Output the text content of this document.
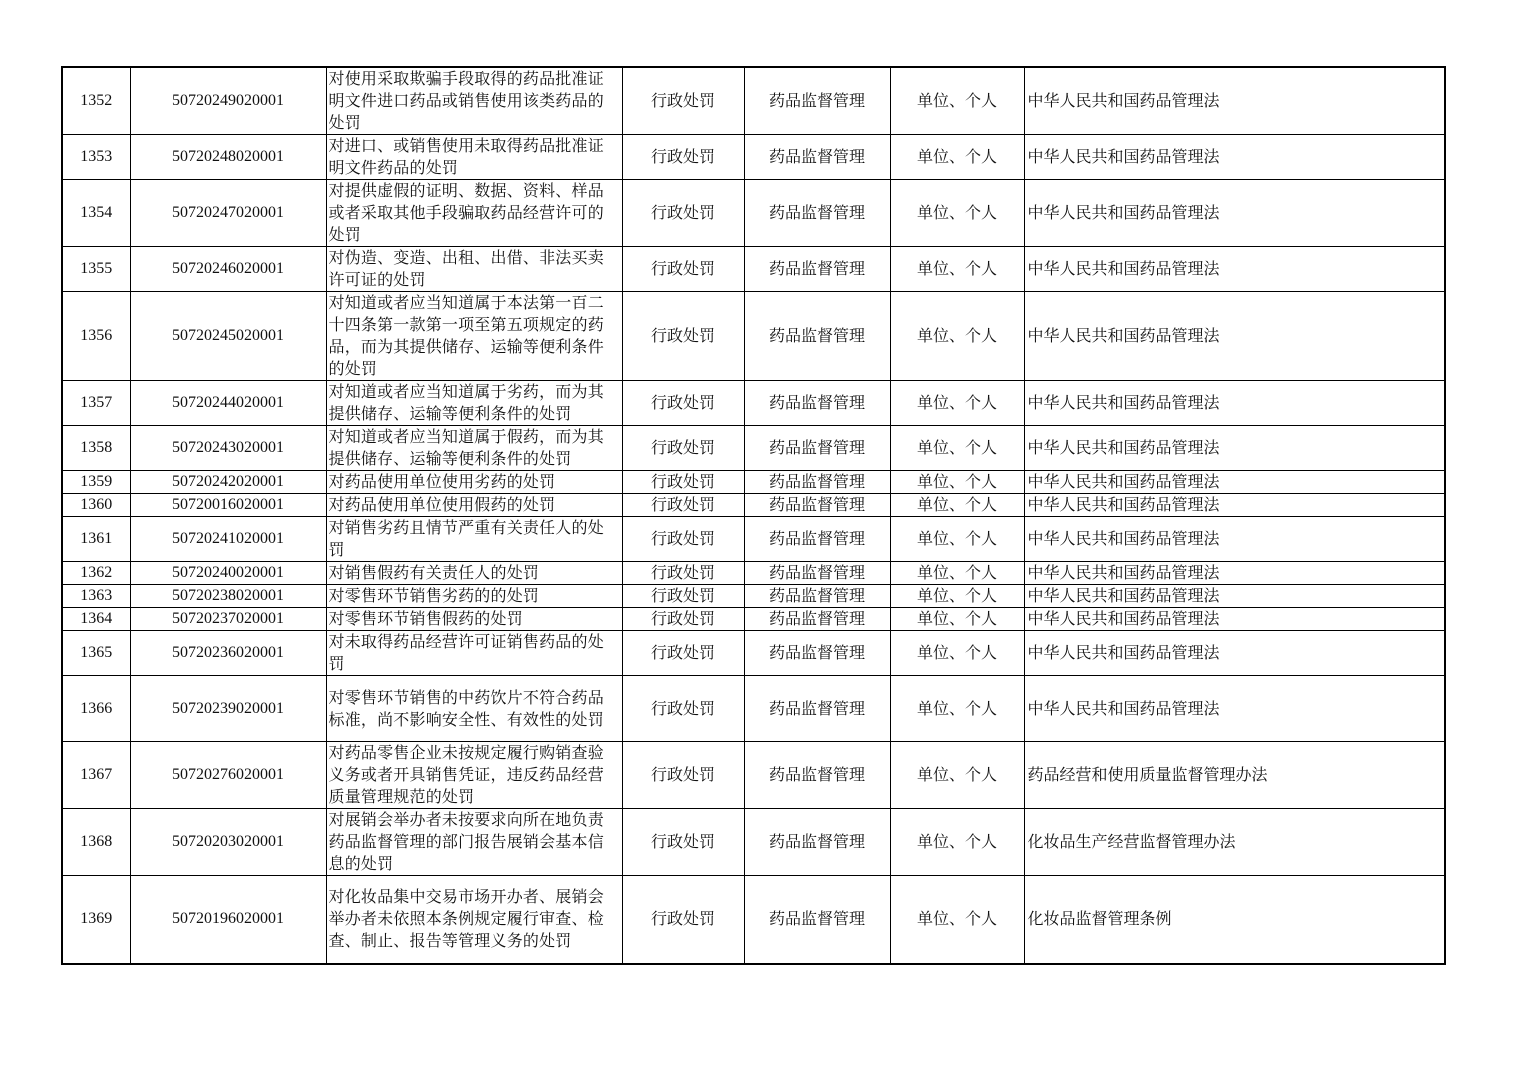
1352	50720249020001	对使用采取欺骗手段取得的药品批准证明文件进口药品或销售使用该类药品的处罚	行政处罚	药品监督管理	单位、个人	中华人民共和国药品管理法
1353	50720248020001	对进口、或销售使用未取得药品批准证明文件药品的处罚	行政处罚	药品监督管理	单位、个人	中华人民共和国药品管理法
1354	50720247020001	对提供虚假的证明、数据、资料、样品或者采取其他手段骗取药品经营许可的处罚	行政处罚	药品监督管理	单位、个人	中华人民共和国药品管理法
1355	50720246020001	对伪造、变造、出租、出借、非法买卖许可证的处罚	行政处罚	药品监督管理	单位、个人	中华人民共和国药品管理法
1356	50720245020001	对知道或者应当知道属于本法第一百二十四条第一款第一项至第五项规定的药品，而为其提供储存、运输等便利条件的处罚	行政处罚	药品监督管理	单位、个人	中华人民共和国药品管理法
1357	50720244020001	对知道或者应当知道属于劣药，而为其提供储存、运输等便利条件的处罚	行政处罚	药品监督管理	单位、个人	中华人民共和国药品管理法
1358	50720243020001	对知道或者应当知道属于假药，而为其提供储存、运输等便利条件的处罚	行政处罚	药品监督管理	单位、个人	中华人民共和国药品管理法
1359	50720242020001	对药品使用单位使用劣药的处罚	行政处罚	药品监督管理	单位、个人	中华人民共和国药品管理法
1360	50720016020001	对药品使用单位使用假药的处罚	行政处罚	药品监督管理	单位、个人	中华人民共和国药品管理法
1361	50720241020001	对销售劣药且情节严重有关责任人的处罚	行政处罚	药品监督管理	单位、个人	中华人民共和国药品管理法
1362	50720240020001	对销售假药有关责任人的处罚	行政处罚	药品监督管理	单位、个人	中华人民共和国药品管理法
1363	50720238020001	对零售环节销售劣药的的处罚	行政处罚	药品监督管理	单位、个人	中华人民共和国药品管理法
1364	50720237020001	对零售环节销售假药的处罚	行政处罚	药品监督管理	单位、个人	中华人民共和国药品管理法
1365	50720236020001	对未取得药品经营许可证销售药品的处罚	行政处罚	药品监督管理	单位、个人	中华人民共和国药品管理法
1366	50720239020001	对零售环节销售的中药饮片不符合药品标准，尚不影响安全性、有效性的处罚	行政处罚	药品监督管理	单位、个人	中华人民共和国药品管理法
1367	50720276020001	对药品零售企业未按规定履行购销查验义务或者开具销售凭证，违反药品经营质量管理规范的处罚	行政处罚	药品监督管理	单位、个人	药品经营和使用质量监督管理办法
1368	50720203020001	对展销会举办者未按要求向所在地负责药品监督管理的部门报告展销会基本信息的处罚	行政处罚	药品监督管理	单位、个人	化妆品生产经营监督管理办法
1369	50720196020001	对化妆品集中交易市场开办者、展销会举办者未依照本条例规定履行审查、检查、制止、报告等管理义务的处罚	行政处罚	药品监督管理	单位、个人	化妆品监督管理条例
